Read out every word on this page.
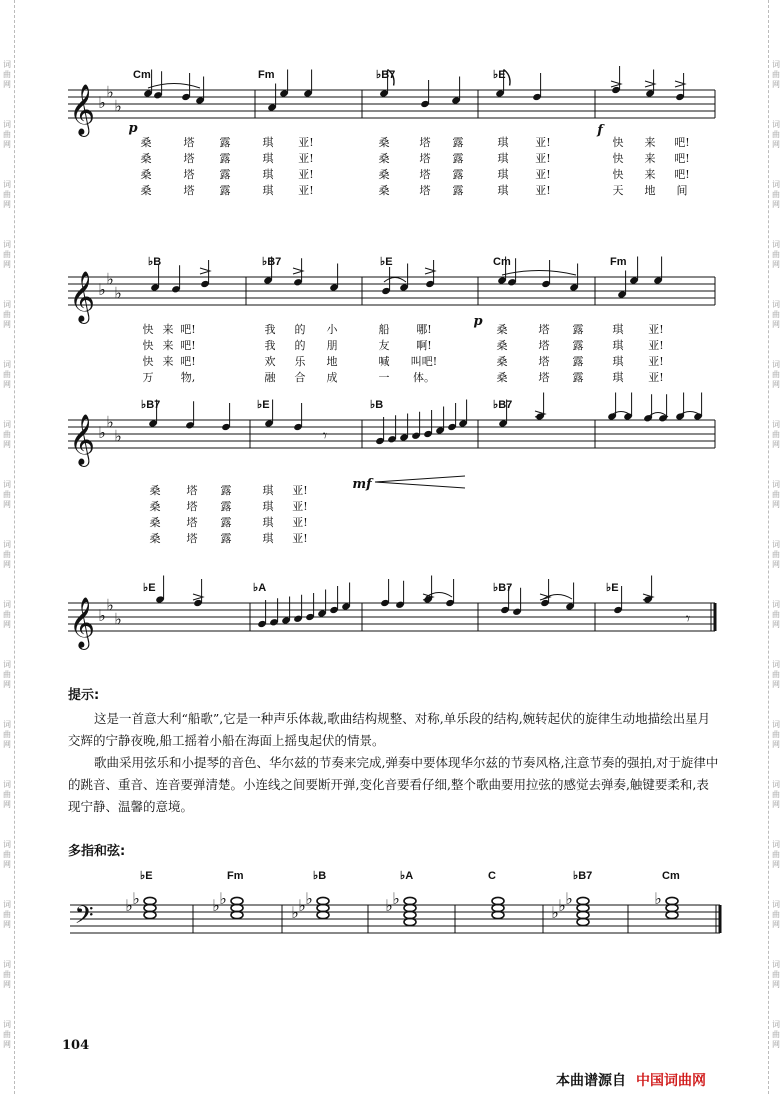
词
曲
网
词
曲
网
词
曲
网
词
曲
网
词
曲
网
词
曲
网
词
曲
网
词
曲
网
词
曲
网
词
曲
网
词
曲
网
词
曲
网
词
曲
网
词
曲
网
词
曲
网
词
曲
网
词
曲
网
词
曲
网
词
曲
网
词
曲
网
词
曲
网
词
曲
网
词
曲
网
词
曲
网
词
曲
网
词
曲
网
词
曲
网
词
曲
网
词
曲
网
词
曲
网
词
曲
网
词
曲
网
词
曲
网
词
曲
网
𝄞 ♭
♭
♭
Cm	Fm	♭B7	♭E
p	f
桑	塔 露	琪 亚!	桑	塔 露	琪 亚!	快 来 吧!
桑	塔 露	琪 亚!	桑	塔 露	琪 亚!	快 来 吧!
桑	塔 露	琪 亚!	桑	塔 露	琪 亚!	快 来 吧!
桑	塔 露	琪 亚!	桑	塔 露	琪 亚!	天 地 间
𝄞 ♭
♭
♭
♭B	♭B7	♭E	Cm	Fm
p
快 来 吧!	我 的 小	船 哪!	桑	塔 露	琪 亚!
快 来 吧!	我 的 朋	友 啊!	桑	塔 露	琪 亚!
快 来 吧!	欢 乐 地	喊 叫吧!	桑	塔 露	琪 亚!
万 物,	融 合 成	一 体。	桑	塔 露	琪 亚!
𝄞 ♭
♭
♭
♭B7	♭E	♭B	♭B7
𝄾
mf
桑 塔 露	琪 亚!
桑 塔 露	琪 亚!
桑 塔 露	琪 亚!
桑 塔 露	琪 亚!
𝄞 ♭
♭
♭
♭E	♭A	♭B7	♭E
𝄾
𝄢
♭E
♭
♭
Fm
♭
♭
♭B
♭
♭
♭
♭A
♭
♭
C	♭B7
♭
♭
♭
Cm
♭
提示:

这是一首意大利“船歌”,它是一种声乐体裁,歌曲结构规整、对称,单乐段的结构,婉转起伏的旋律生动地描绘出星月交辉的宁静夜晚,船工摇着小船在海面上摇曳起伏的情景。

歌曲采用弦乐和小提琴的音色、华尔兹的节奏来完成,弹奏中要体现华尔兹的节奏风格,注意节奏的强拍,对于旋律中的跳音、重音、连音要弹清楚。小连线之间要断开弹,变化音要看仔细,整个歌曲要用拉弦的感觉去弹奏,触键要柔和,表现宁静、温馨的意境。

多指和弦:
104
本曲谱源自 中国词曲网
